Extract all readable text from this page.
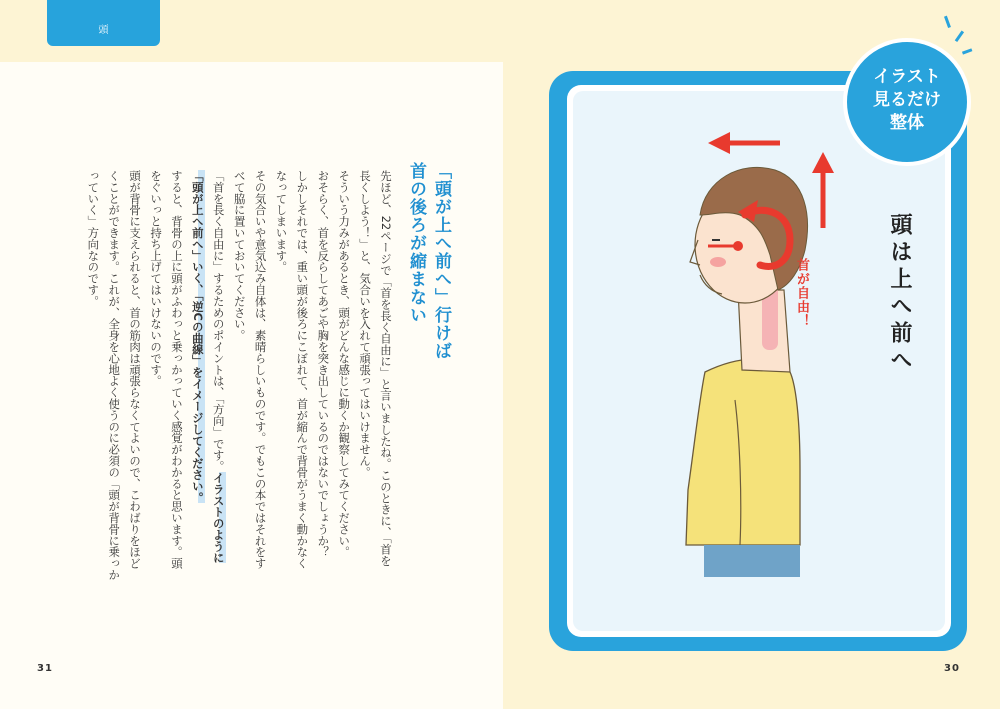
頭
「頭が上へ前へ」行けば
首の後ろが縮まない

先ほど、22ページで「首を長く自由に」と言いましたね。このときに、「首を

長くしよう！」と、気合いを入れて頑張ってはいけません。

そういう力みがあるとき、頭がどんな感じに動くか観察してみてください。

おそらく、首を反らしてあごや胸を突き出しているのではないでしょうか？

しかしそれでは、重い頭が後ろにこぼれて、首が縮んで背骨がうまく動かなく

なってしまいます。

その気合いや意気込み自体は、素晴らしいものです。でもこの本ではそれをす

べて脇に置いておいてください。

「首を長く自由に」するためのポイントは、「方向」です。イラストのように

「頭が上へ前へ」いく、「逆Cの曲線」をイメージしてください。

すると、背骨の上に頭がふわっと乗っかっていく感覚がわかると思います。頭

をぐいっと持ち上げてはいけないのです。

頭が背骨に支えられると、首の筋肉は頑張らなくてよいので、こわばりをほど

くことができます。これが、全身を心地よく使うのに必須の「頭が背骨に乗っか

っていく」方向なのです。

31	30
イラスト
見るだけ
整体
頭は上へ前へ
首が自由！
